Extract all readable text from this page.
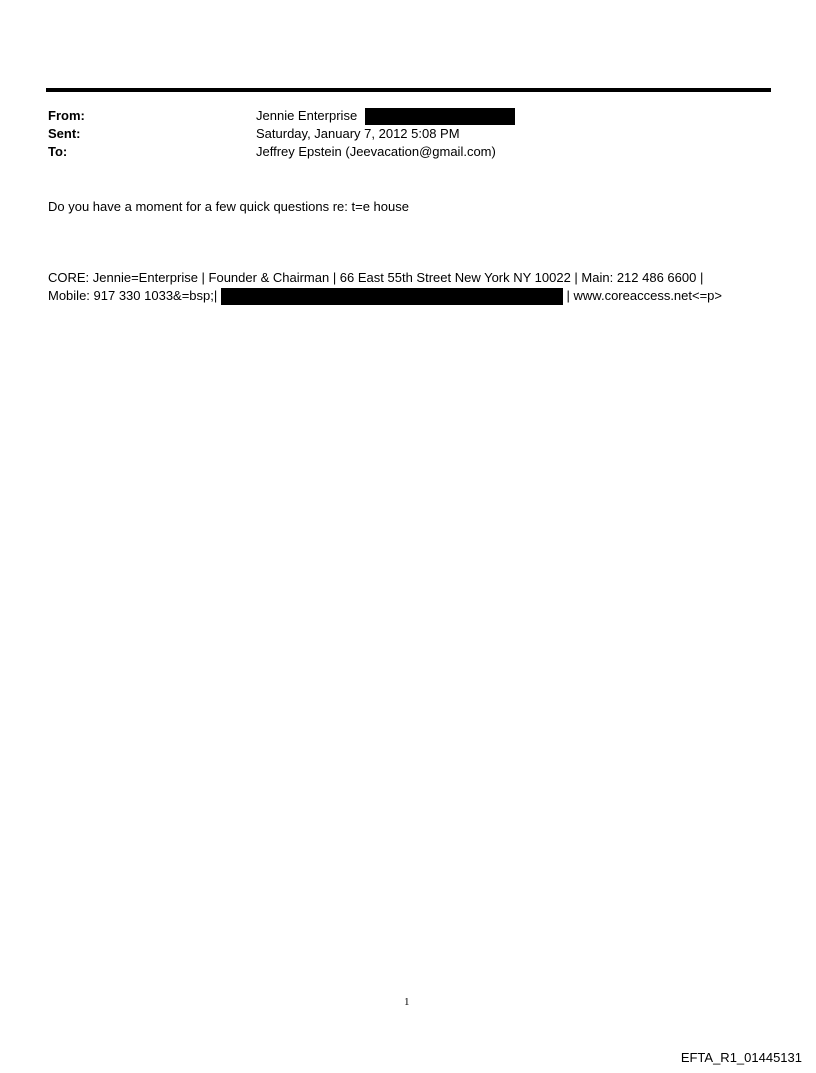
From:	Jennie Enterprise
Sent:	Saturday, January 7, 2012 5:08 PM
To:	Jeffrey Epstein (Jeevacation@gmail.com)
Do you have a moment for a few quick questions re: t=e house
CORE: Jennie=Enterprise | Founder & Chairman | 66 East 55th Street New York NY 10022 | Main: 212 486 6600 |
Mobile: 917 330 1033&=bsp;|	| www.coreaccess.net<=p>
1
EFTA_R1_01445131
